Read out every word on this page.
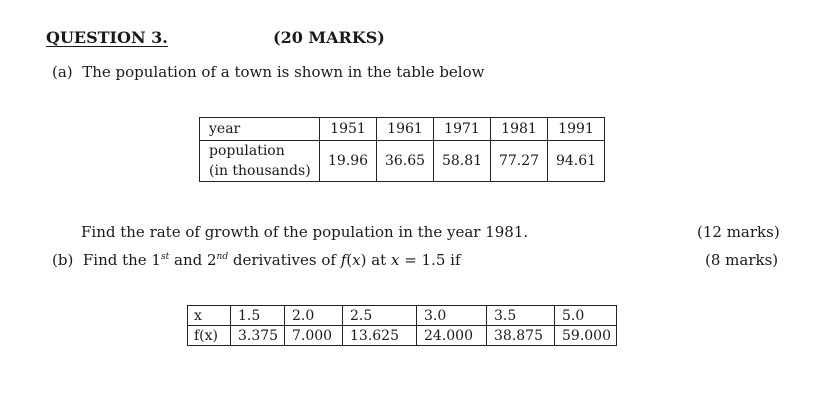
QUESTION 3.	(20 MARKS)
(a) The population of a town is shown in the table below
year	1951	1961	1971	1981	1991

population
(in thousands)	19.96	36.65	58.81	77.27	94.61
Find the rate of growth of the population in the year 1981.	(12 marks)
(b) Find the 1st and 2nd derivatives of f(x) at x = 1.5 if	(8 marks)
x	1.5	2.0	2.5	3.0	3.5	5.0
f(x)	3.375	7.000	13.625	24.000	38.875	59.000
